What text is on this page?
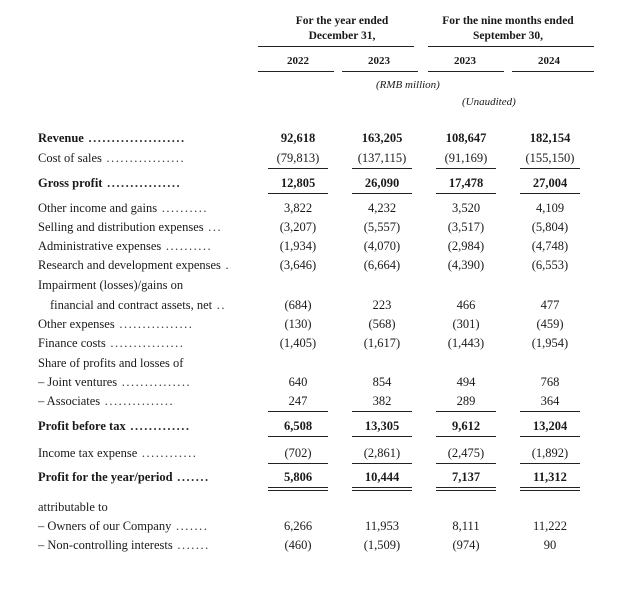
For the year ended
December 31,
For the nine months ended
September 30,
2022	2023	2023	2024
(RMB million)
(Unaudited)
Revenue .....................	92,618	163,205	108,647	182,154
Cost of sales .................	(79,813)	(137,115)	(91,169)	(155,150)
Gross profit ................	12,805	26,090	17,478	27,004
Other income and gains ..........	3,822	4,232	3,520	4,109
Selling and distribution expenses ...	(3,207)	(5,557)	(3,517)	(5,804)
Administrative expenses ..........	(1,934)	(4,070)	(2,984)	(4,748)
Research and development expenses .	(3,646)	(6,664)	(4,390)	(6,553)
Impairment (losses)/gains on
financial and contract assets, net ..	(684)	223	466	477
Other expenses ................	(130)	(568)	(301)	(459)
Finance costs ................	(1,405)	(1,617)	(1,443)	(1,954)
Share of profits and losses of
– Joint ventures ...............	640	854	494	768
– Associates ...............	247	382	289	364
Profit before tax .............	6,508	13,305	9,612	13,204
Income tax expense ............	(702)	(2,861)	(2,475)	(1,892)
Profit for the year/period .......	5,806	10,444	7,137	11,312
attributable to
– Owners of our Company .......	6,266	11,953	8,111	11,222
– Non-controlling interests .......	(460)	(1,509)	(974)	90
